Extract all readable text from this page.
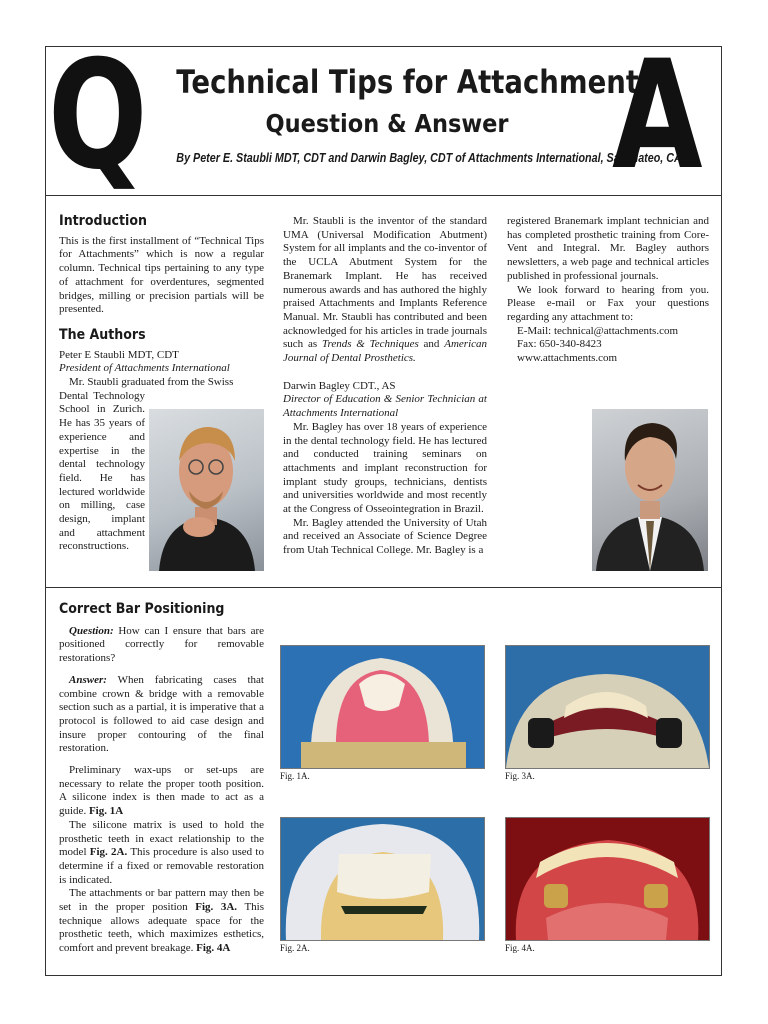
Q Technical Tips for Attachments
Question & Answer
By Peter E. Staubli MDT, CDT and Darwin Bagley, CDT of Attachments International, San Mateo, CA
A
Introduction

This is the first installment of “Technical Tips for Attachments” which is now a regular column. Technical tips pertaining to any type of attachment for overdentures, segmented bridges, milling or precision partials will be presented.

The Authors

Peter E Staubli MDT, CDT

President of Attachments International

Mr. Staubli graduated from the Swiss

Dental Technology School in Zurich. He has 35 years of experience and expertise in the dental technology field. He has lectured worldwide on milling, case design, implant and attachment reconstructions.

Mr. Staubli is the inventor of the standard UMA (Universal Modification Abutment) System for all implants and the co-inventor of the UCLA Abutment System for the Branemark Implant. He has received numerous awards and has authored the highly praised Attachments and Implants Reference Manual. Mr. Staubli has contributed and been acknowledged for his articles in trade journals such as Trends & Techniques and American Journal of Dental Prosthetics.

Darwin Bagley CDT., AS

Director of Education & Senior Technician at Attachments International

Mr. Bagley has over 18 years of experience in the dental technology field. He has lectured and conducted training seminars on attachments and implant reconstruction for implant study groups, technicians, dentists and universities worldwide and most recently at the Congress of Osseointegration in Brazil.

Mr. Bagley attended the University of Utah and received an Associate of Science Degree from Utah Technical College. Mr. Bagley is a

registered Branemark implant technician and has completed prosthetic training from Core-Vent and Integral. Mr. Bagley authors newsletters, a web page and technical articles published in professional journals.

We look forward to hearing from you. Please e-mail or Fax your questions regarding any attachment to:

E-Mail: technical@attachments.com

Fax: 650-340-8423

www.attachments.com

Correct Bar Positioning

Question: How can I ensure that bars are positioned correctly for removable restorations?

Answer: When fabricating cases that combine crown & bridge with a removable section such as a partial, it is imperative that a protocol is followed to aid case design and insure proper contouring of the final restoration.

Preliminary wax-ups or set-ups are necessary to relate the proper tooth position. A silicone index is then made to act as a guide. Fig. 1A

The silicone matrix is used to hold the prosthetic teeth in exact relationship to the model Fig. 2A. This procedure is also used to determine if a fixed or removable restoration is indicated.

The attachments or bar pattern may then be set in the proper position Fig. 3A. This technique allows adequate space for the prosthetic teeth, which maximizes esthetics, comfort and prevent breakage. Fig. 4A

Fig. 1A.	Fig. 3A.
Fig. 2A.	Fig. 4A.
